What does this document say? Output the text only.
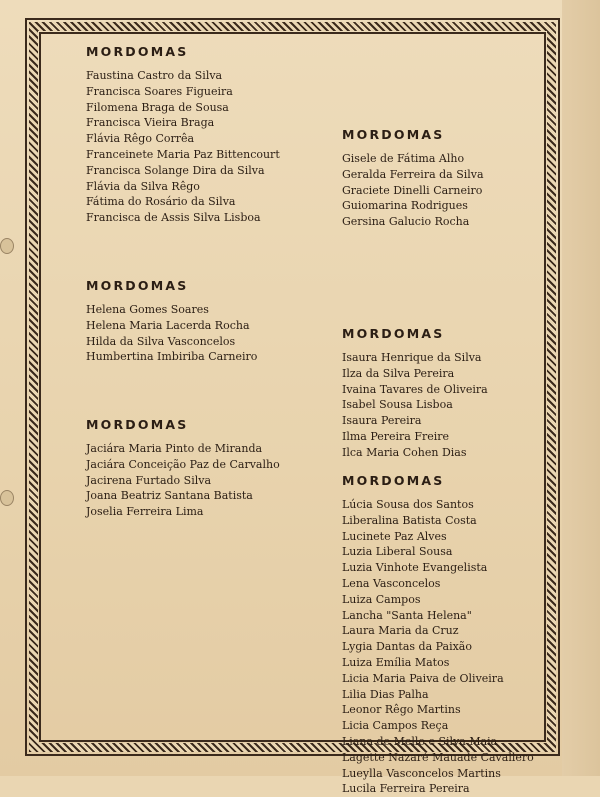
MORDOMAS
Faustina Castro da Silva
Francisca Soares Figueira
Filomena Braga de Sousa
Francisca Vieira Braga
Flávia Rêgo Corrêa
Franceinete Maria Paz Bittencourt
Francisca Solange Dira da Silva
Flávia da Silva Rêgo
Fátima do Rosário da Silva
Francisca de Assis Silva Lisboa
MORDOMAS
Gisele de Fátima Alho
Geralda Ferreira da Silva
Graciete Dinelli Carneiro
Guiomarina Rodrigues
Gersina Galucio Rocha
MORDOMAS
Helena Gomes Soares
Helena Maria Lacerda Rocha
Hilda da Silva Vasconcelos
Humbertina Imbiriba Carneiro
MORDOMAS
Isaura Henrique da Silva
Ilza da Silva Pereira
Ivaina Tavares de Oliveira
Isabel Sousa Lisboa
Isaura Pereira
Ilma Pereira Freire
Ilca Maria Cohen Dias
MORDOMAS
Jaciára Maria Pinto de Miranda
Jaciára Conceição Paz de Carvalho
Jacirena Furtado Silva
Joana Beatriz Santana Batista
Joselia Ferreira Lima
MORDOMAS
Lúcia Sousa dos Santos
Liberalina Batista Costa
Lucinete Paz Alves
Luzia Liberal Sousa
Luzia Vinhote Evangelista
Lena Vasconcelos
Luiza Campos
Lancha "Santa Helena"
Laura Maria da Cruz
Lygia Dantas da Paixão
Luiza Emília Matos
Licia Maria Paiva de Oliveira
Lilia Dias Palha
Leonor Rêgo Martins
Licia Campos Reça
Liana de Mello e Silva Maia
Lagette Nazaré Mauade Cavallero
Lueylla Vasconcelos Martins
Lucila Ferreira Pereira
